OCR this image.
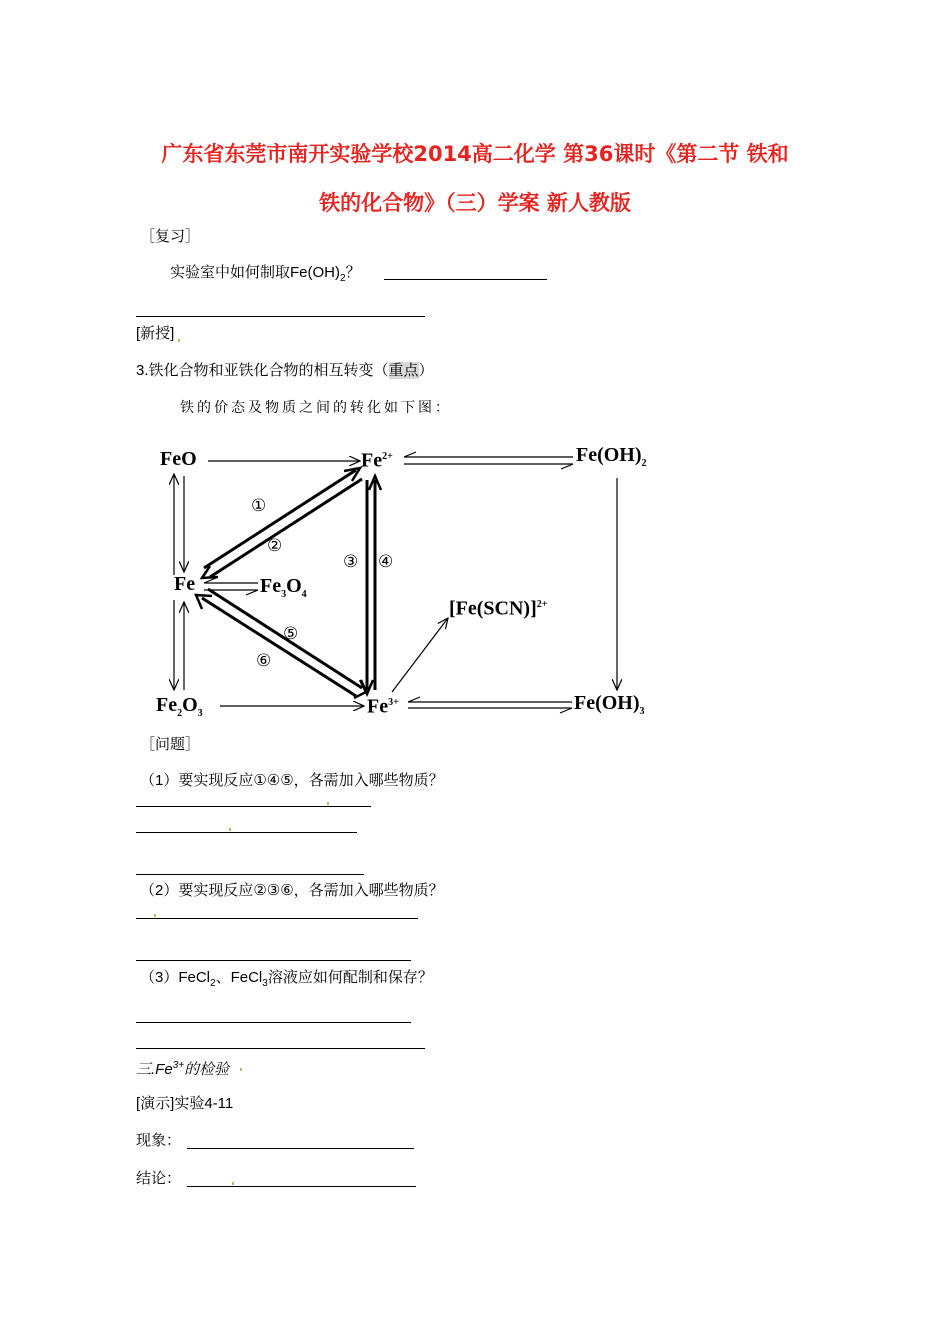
广东省东莞市南开实验学校2014高二化学 第36课时《第二节 铁和
铁的化合物》（三）学案 新人教版
［复习］
实验室中如何制取$Fe(OH)_2$？
[新授]
3.铁化合物和亚铁化合物的相互转变（重点）
铁的价态及物质之间的转化如下图：
FeO	$Fe^{2+}$	$Fe(OH)_2$
Fe	$Fe_3O_4$
$[Fe(SCN)]^{2+}$
$Fe_2O_3$	$Fe^{3+}$	$Fe(OH)_3$
①
②
③ ④
⑤
⑥
［问题］
（1）要实现反应①④⑤，各需加入哪些物质？
（2）要实现反应②③⑥，各需加入哪些物质？
（3）FeCl$_2$、FeCl$_3$溶液应如何配制和保存？
三$.Fe^{3+}$的检验
[演示]实验4-11
现象：
结论：
